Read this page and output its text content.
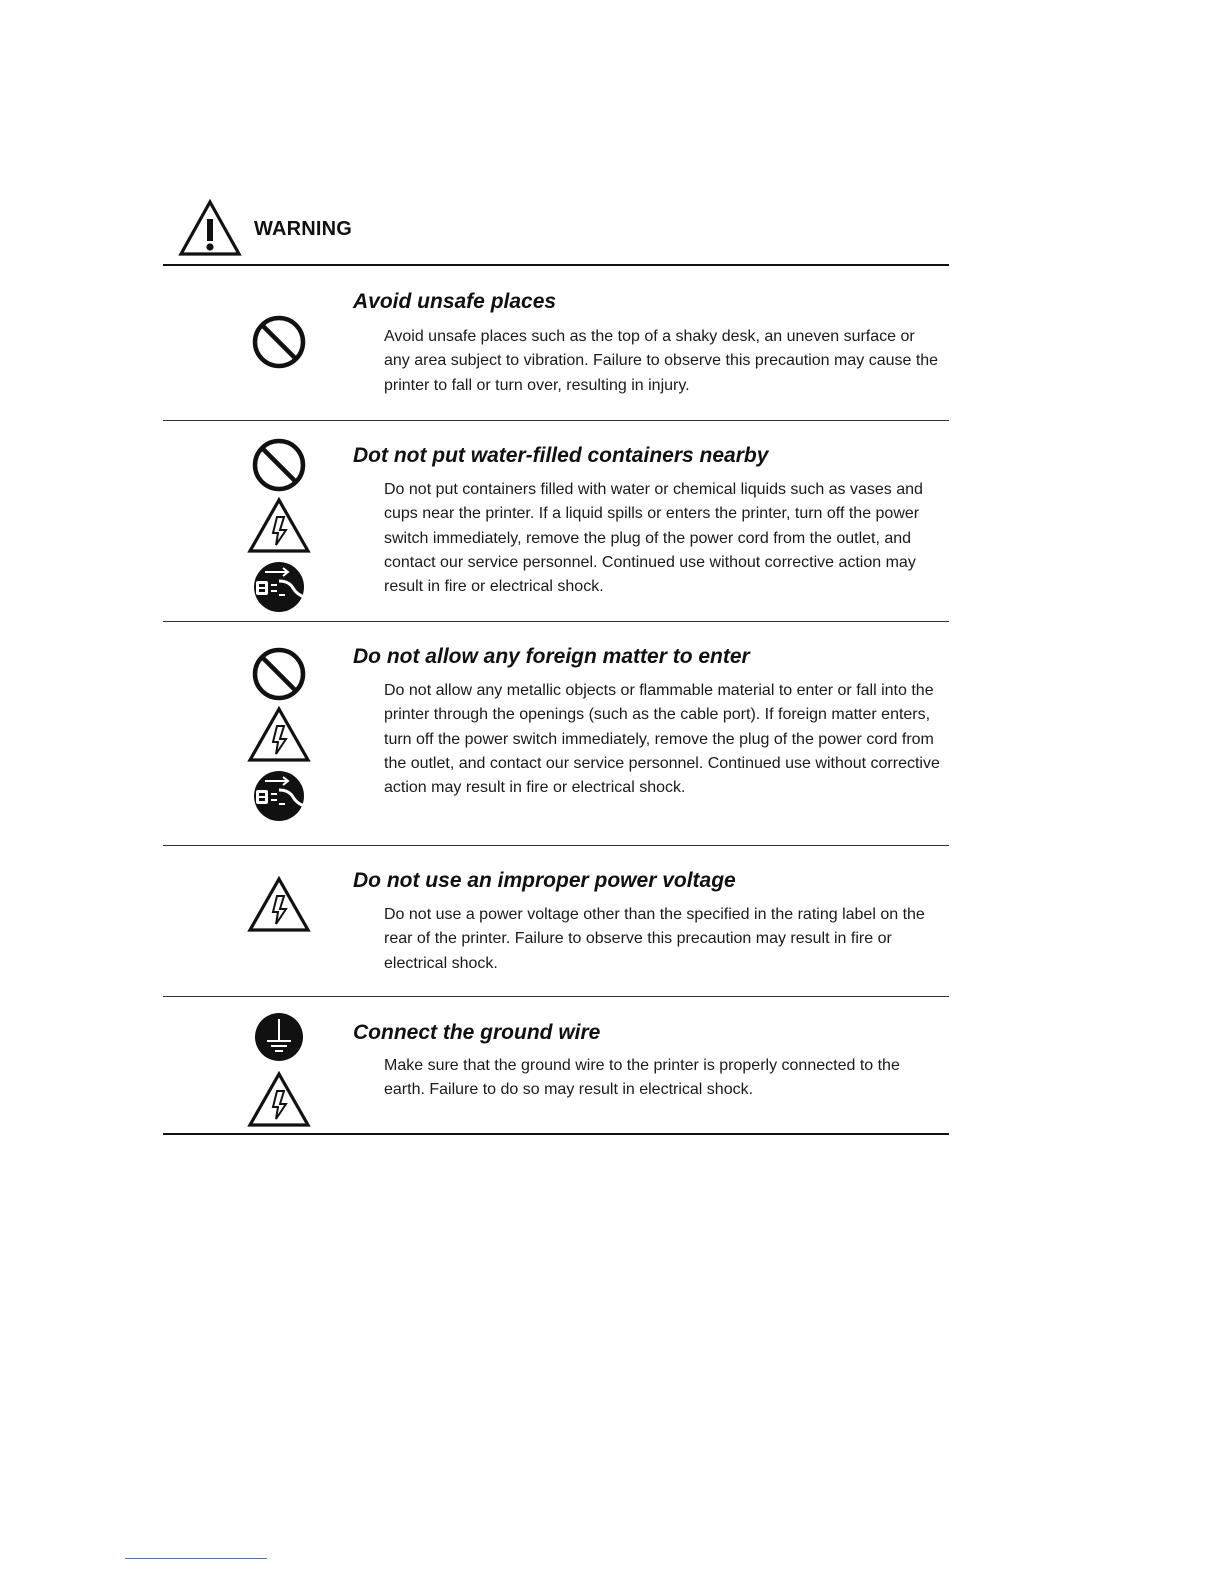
WARNING
Avoid unsafe places
Avoid unsafe places such as the top of a shaky desk, an uneven surface or any area subject to vibration. Failure to observe this precaution may cause the printer to fall or turn over, resulting in injury.
Dot not put water-filled containers nearby
Do not put containers filled with water or chemical liquids such as vases and cups near the printer. If a liquid spills or enters the printer, turn off the power switch immediately, remove the plug of the power cord from the outlet, and contact our service personnel. Continued use without corrective action may result in fire or electrical shock.
Do not allow any foreign matter to enter
Do not allow any metallic objects or flammable material to enter or fall into the printer through the openings (such as the cable port). If foreign matter enters, turn off the power switch immediately, remove the plug of the power cord from the outlet, and contact our service personnel. Continued use without corrective action may result in fire or electrical shock.
Do not use an improper power voltage
Do not use a power voltage other than the specified in the rating label on the rear of the printer. Failure to observe this precaution may result in fire or electrical shock.
Connect the ground wire
Make sure that the ground wire to the printer is properly connected to the earth. Failure to do so may result in electrical shock.
